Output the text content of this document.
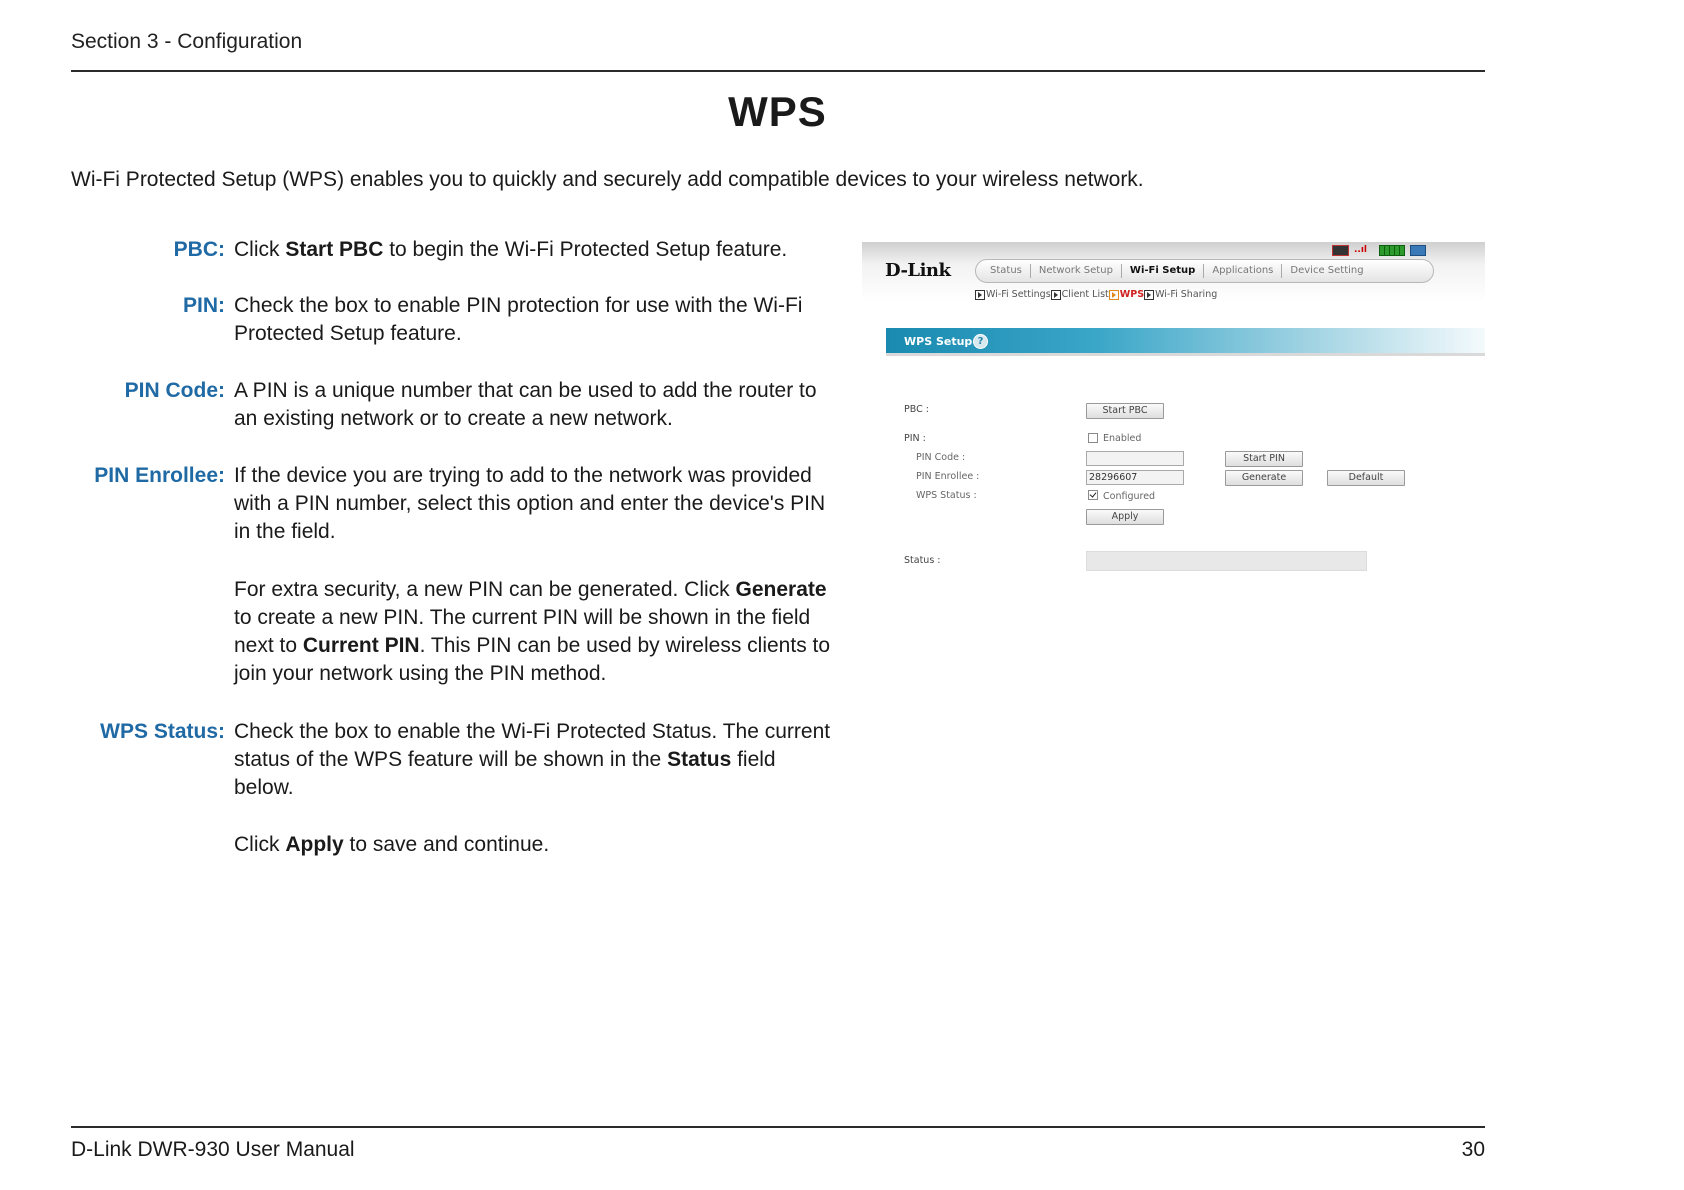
Section 3 - Configuration
WPS
Wi-Fi Protected Setup (WPS) enables you to quickly and securely add compatible devices to your wireless network.
PBC: Click Start PBC to begin the Wi-Fi Protected Setup feature.
PIN: Check the box to enable PIN protection for use with the Wi-Fi Protected Setup feature.
PIN Code: A PIN is a unique number that can be used to add the router to an existing network or to create a new network.
PIN Enrollee: If the device you are trying to add to the network was provided with a PIN number, select this option and enter the device's PIN in the field.
For extra security, a new PIN can be generated. Click Generate to create a new PIN. The current PIN will be shown in the field next to Current PIN. This PIN can be used by wireless clients to join your network using the PIN method.
WPS Status: Check the box to enable the Wi-Fi Protected Status. The current status of the WPS feature will be shown in the Status field below.
Click Apply to save and continue.
D-Link
..ıl
Status	Network Setup	Wi-Fi Setup	Applications	Device Setting
Wi-Fi Settings Client List WPS Wi-Fi Sharing
WPS Setup ?
PBC :	Start PBC
PIN :	Enabled
PIN Code :	Start PIN
PIN Enrollee :	28296607	Generate	Default
WPS Status :	Configured
Apply
Status :
D-Link DWR-930 User Manual	30
